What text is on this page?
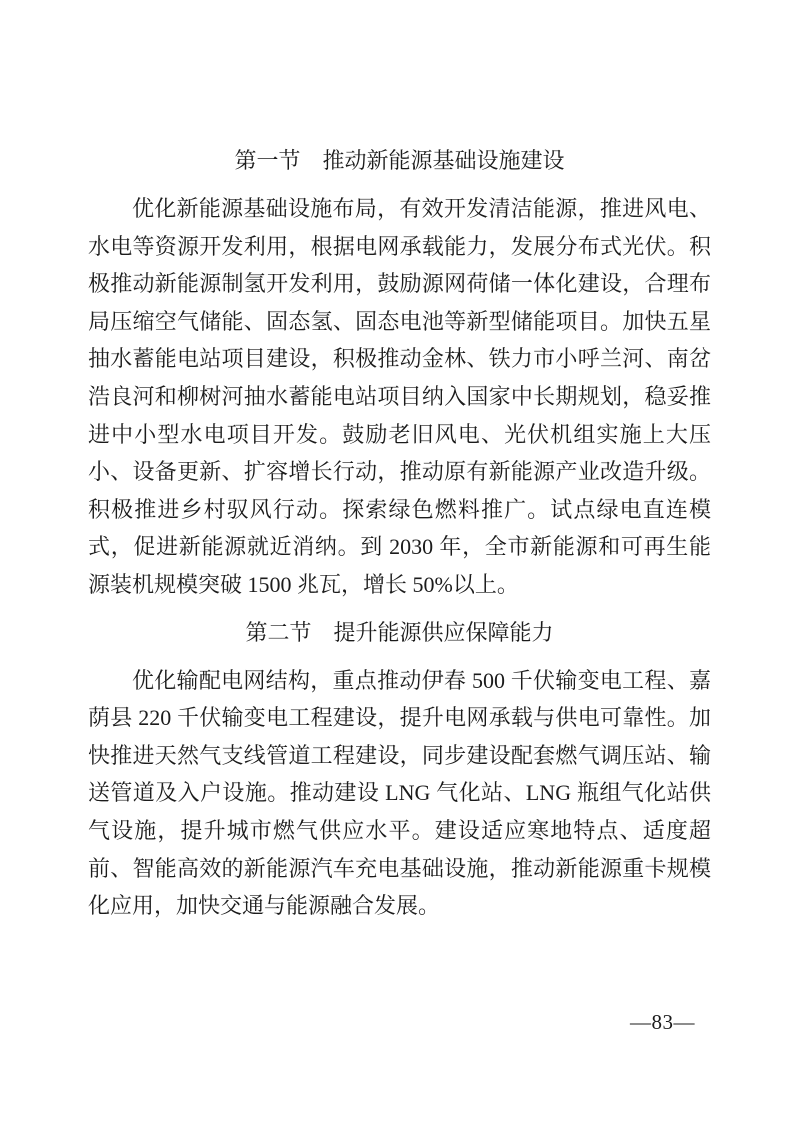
第一节　推动新能源基础设施建设

优化新能源基础设施布局，有效开发清洁能源，推进风电、水电等资源开发利用，根据电网承载能力，发展分布式光伏。积极推动新能源制氢开发利用，鼓励源网荷储一体化建设，合理布局压缩空气储能、固态氢、固态电池等新型储能项目。加快五星抽水蓄能电站项目建设，积极推动金林、铁力市小呼兰河、南岔浩良河和柳树河抽水蓄能电站项目纳入国家中长期规划，稳妥推进中小型水电项目开发。鼓励老旧风电、光伏机组实施上大压小、设备更新、扩容增长行动，推动原有新能源产业改造升级。积极推进乡村驭风行动。探索绿色燃料推广。试点绿电直连模式，促进新能源就近消纳。到 2030 年，全市新能源和可再生能源装机规模突破 1500 兆瓦，增长 50%以上。

第二节　提升能源供应保障能力

优化输配电网结构，重点推动伊春 500 千伏输变电工程、嘉荫县 220 千伏输变电工程建设，提升电网承载与供电可靠性。加快推进天然气支线管道工程建设，同步建设配套燃气调压站、输送管道及入户设施。推动建设 LNG 气化站、LNG 瓶组气化站供气设施，提升城市燃气供应水平。建设适应寒地特点、适度超前、智能高效的新能源汽车充电基础设施，推动新能源重卡规模化应用，加快交通与能源融合发展。

—83—
